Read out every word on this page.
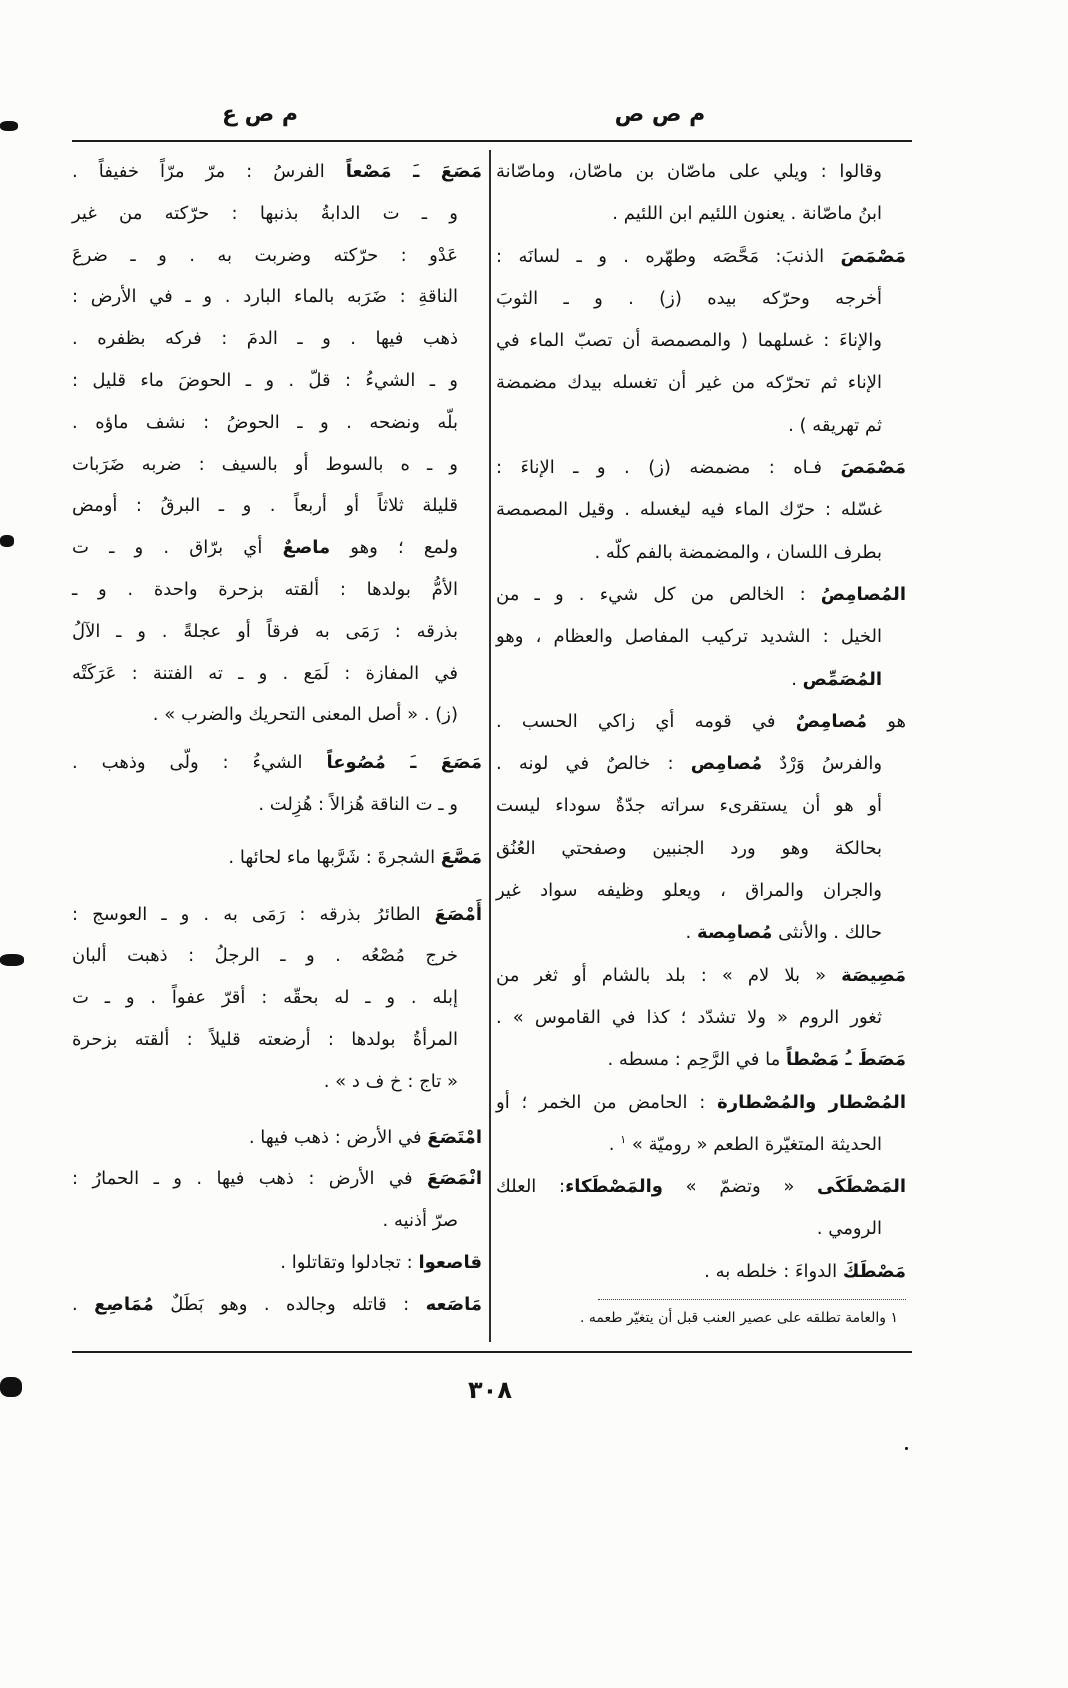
م ص ص
م ص ع
وقالوا : ويلي على ماصّان بن ماصّان، وماصّانة
ابنُ ماصّانة . يعنون اللئيم ابن اللئيم .
مَصْمَصَ الذنبَ: مَحَّصَه وطهّره . و ـ لسانَه :
أخرجه وحرّكه بيده (ز) . و ـ الثوبَ
والإناءَ : غسلهما ( والمصمصة أن تصبّ الماء في
الإناء ثم تحرّكه من غير أن تغسله بيدك مضمضة
ثم تهريقه ) .
مَصْمَصَ فـاه : مضمضه (ز) . و ـ الإناءَ :
غسّله : حرّك الماء فيه ليغسله . وقيل المصمصة
بطرف اللسان ، والمضمضة بالفم كلّه .
المُصامِصُ : الخالص من كل شيء . و ـ من
الخيل : الشديد تركيب المفاصل والعظام ، وهو
المُصَمِّص .
هو مُصامِصٌ في قومه أي زاكي الحسب .
والفرسُ وَرْدٌ مُصامِص : خالصٌ في لونه .
أو هو أن يستقرىء سراته جدّةٌ سوداء ليست
بحالكة وهو ورد الجنبين وصفحتي العُنُق
والجران والمراق ، ويعلو وظيفه سواد غير
حالك . والأنثى مُصامِصة .
مَصِيصَة « بلا لام » : بلد بالشام أو ثغر من
ثغور الروم « ولا تشدّد ؛ كذا في القاموس » .
مَصَطَ ـُ مَصْطاً ما في الرَّحِم : مسطه .
المُصْطار والمُصْطارة : الحامض من الخمر ؛ أو
الحديثة المتغيّرة الطعم « روميّة » $^١$ .
المَصْطَكَى « وتضمّ » والمَصْطَكاء: العلك
الرومي .
مَصْطَكَ الدواءَ : خلطه به .
مَصَعَ ـَ مَصْعاً الفرسُ : مرّ مرّاً خفيفاً .
و ـ ت الدابةُ بذنبها : حرّكته من غير
عَدْو : حرّكته وضربت به . و ـ ضرعَ
الناقةِ : ضَرَبه بالماء البارد . و ـ في الأرض :
ذهب فيها . و ـ الدمَ : فركه بظفره .
و ـ الشيءُ : قلّ . و ـ الحوضَ ماء قليل :
بلّه ونضحه . و ـ الحوضُ : نشف ماؤه .
و ـ ه بالسوط أو بالسيف : ضربه ضَرَبات
قليلة ثلاثاً أو أربعاً . و ـ البرقُ : أومض
ولمع ؛ وهو ماصعٌ أي برّاق . و ـ ت
الأمُّ بولدها : ألقته بزحرة واحدة . و ـ
بذرقه : رَمَى به فرقاً أو عجلةً . و ـ الآلُ
في المفازة : لَمَع . و ـ ته الفتنة : عَرَكَتْه
(ز) . « أصل المعنى التحريك والضرب » .
مَصَعَ ـَ مُصُوعاً الشيءُ : ولّى وذهب .
و ـ ت الناقة هُزالاً : هُزِلت .
مَصَّعَ الشجرةَ : شَرَّبها ماء لحائها .
أَمْصَعَ الطائرُ بذرقه : رَمَى به . و ـ العوسج :
خرج مُصْعُه . و ـ الرجلُ : ذهبت ألبان
إبله . و ـ له بحقّه : أقرّ عفواً . و ـ ت
المرأةُ بولدها : أرضعته قليلاً : ألقته بزحرة
« تاج : خ ف د » .
امْتَصَعَ في الأرض : ذهب فيها .
انْمَصَعَ في الأرض : ذهب فيها . و ـ الحمارُ :
صرّ أذنيه .
قاصعوا : تجادلوا وتقاتلوا .
مَاصَعه : قاتله وجالده . وهو بَطَلٌ مُمَاصِع .
١ والعامة تطلقه على عصير العنب قبل أن يتغيّر طعمه .
٣٠٨
